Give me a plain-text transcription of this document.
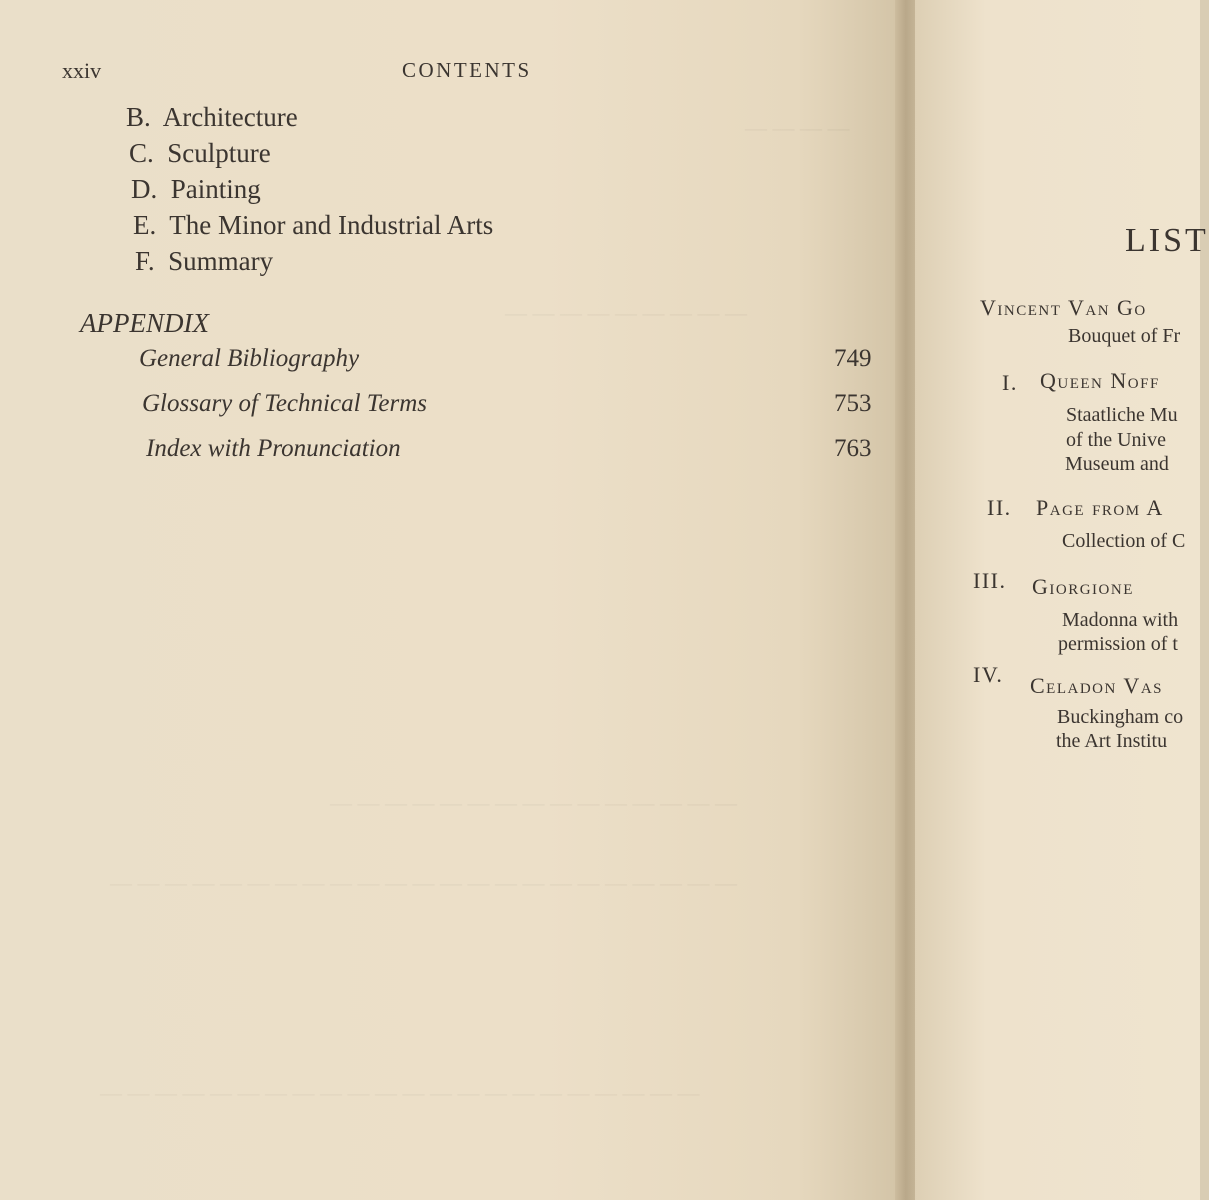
— — — —
— — — — — — — — —
— — — — — — — — — — — — — — —
— — — — — — — — — — — — — — — — — — — — — — —
— — — — — — — — — — — — — — — — — — — — — —
xxiv	CONTENTS
B. Architecture
C. Sculpture
D. Painting
E. The Minor and Industrial Arts
F. Summary
APPENDIX
General Bibliography	749
Glossary of Technical Terms	753
Index with Pronunciation	763
LIST
Vincent Van Go
Bouquet of Fr
I. Queen Noff
Staatliche Mu
of the Unive
Museum and
II. Page from A
Collection of C
III. Giorgione
Madonna with
permission of t
IV. Celadon Vas
Buckingham co
the Art Institu
